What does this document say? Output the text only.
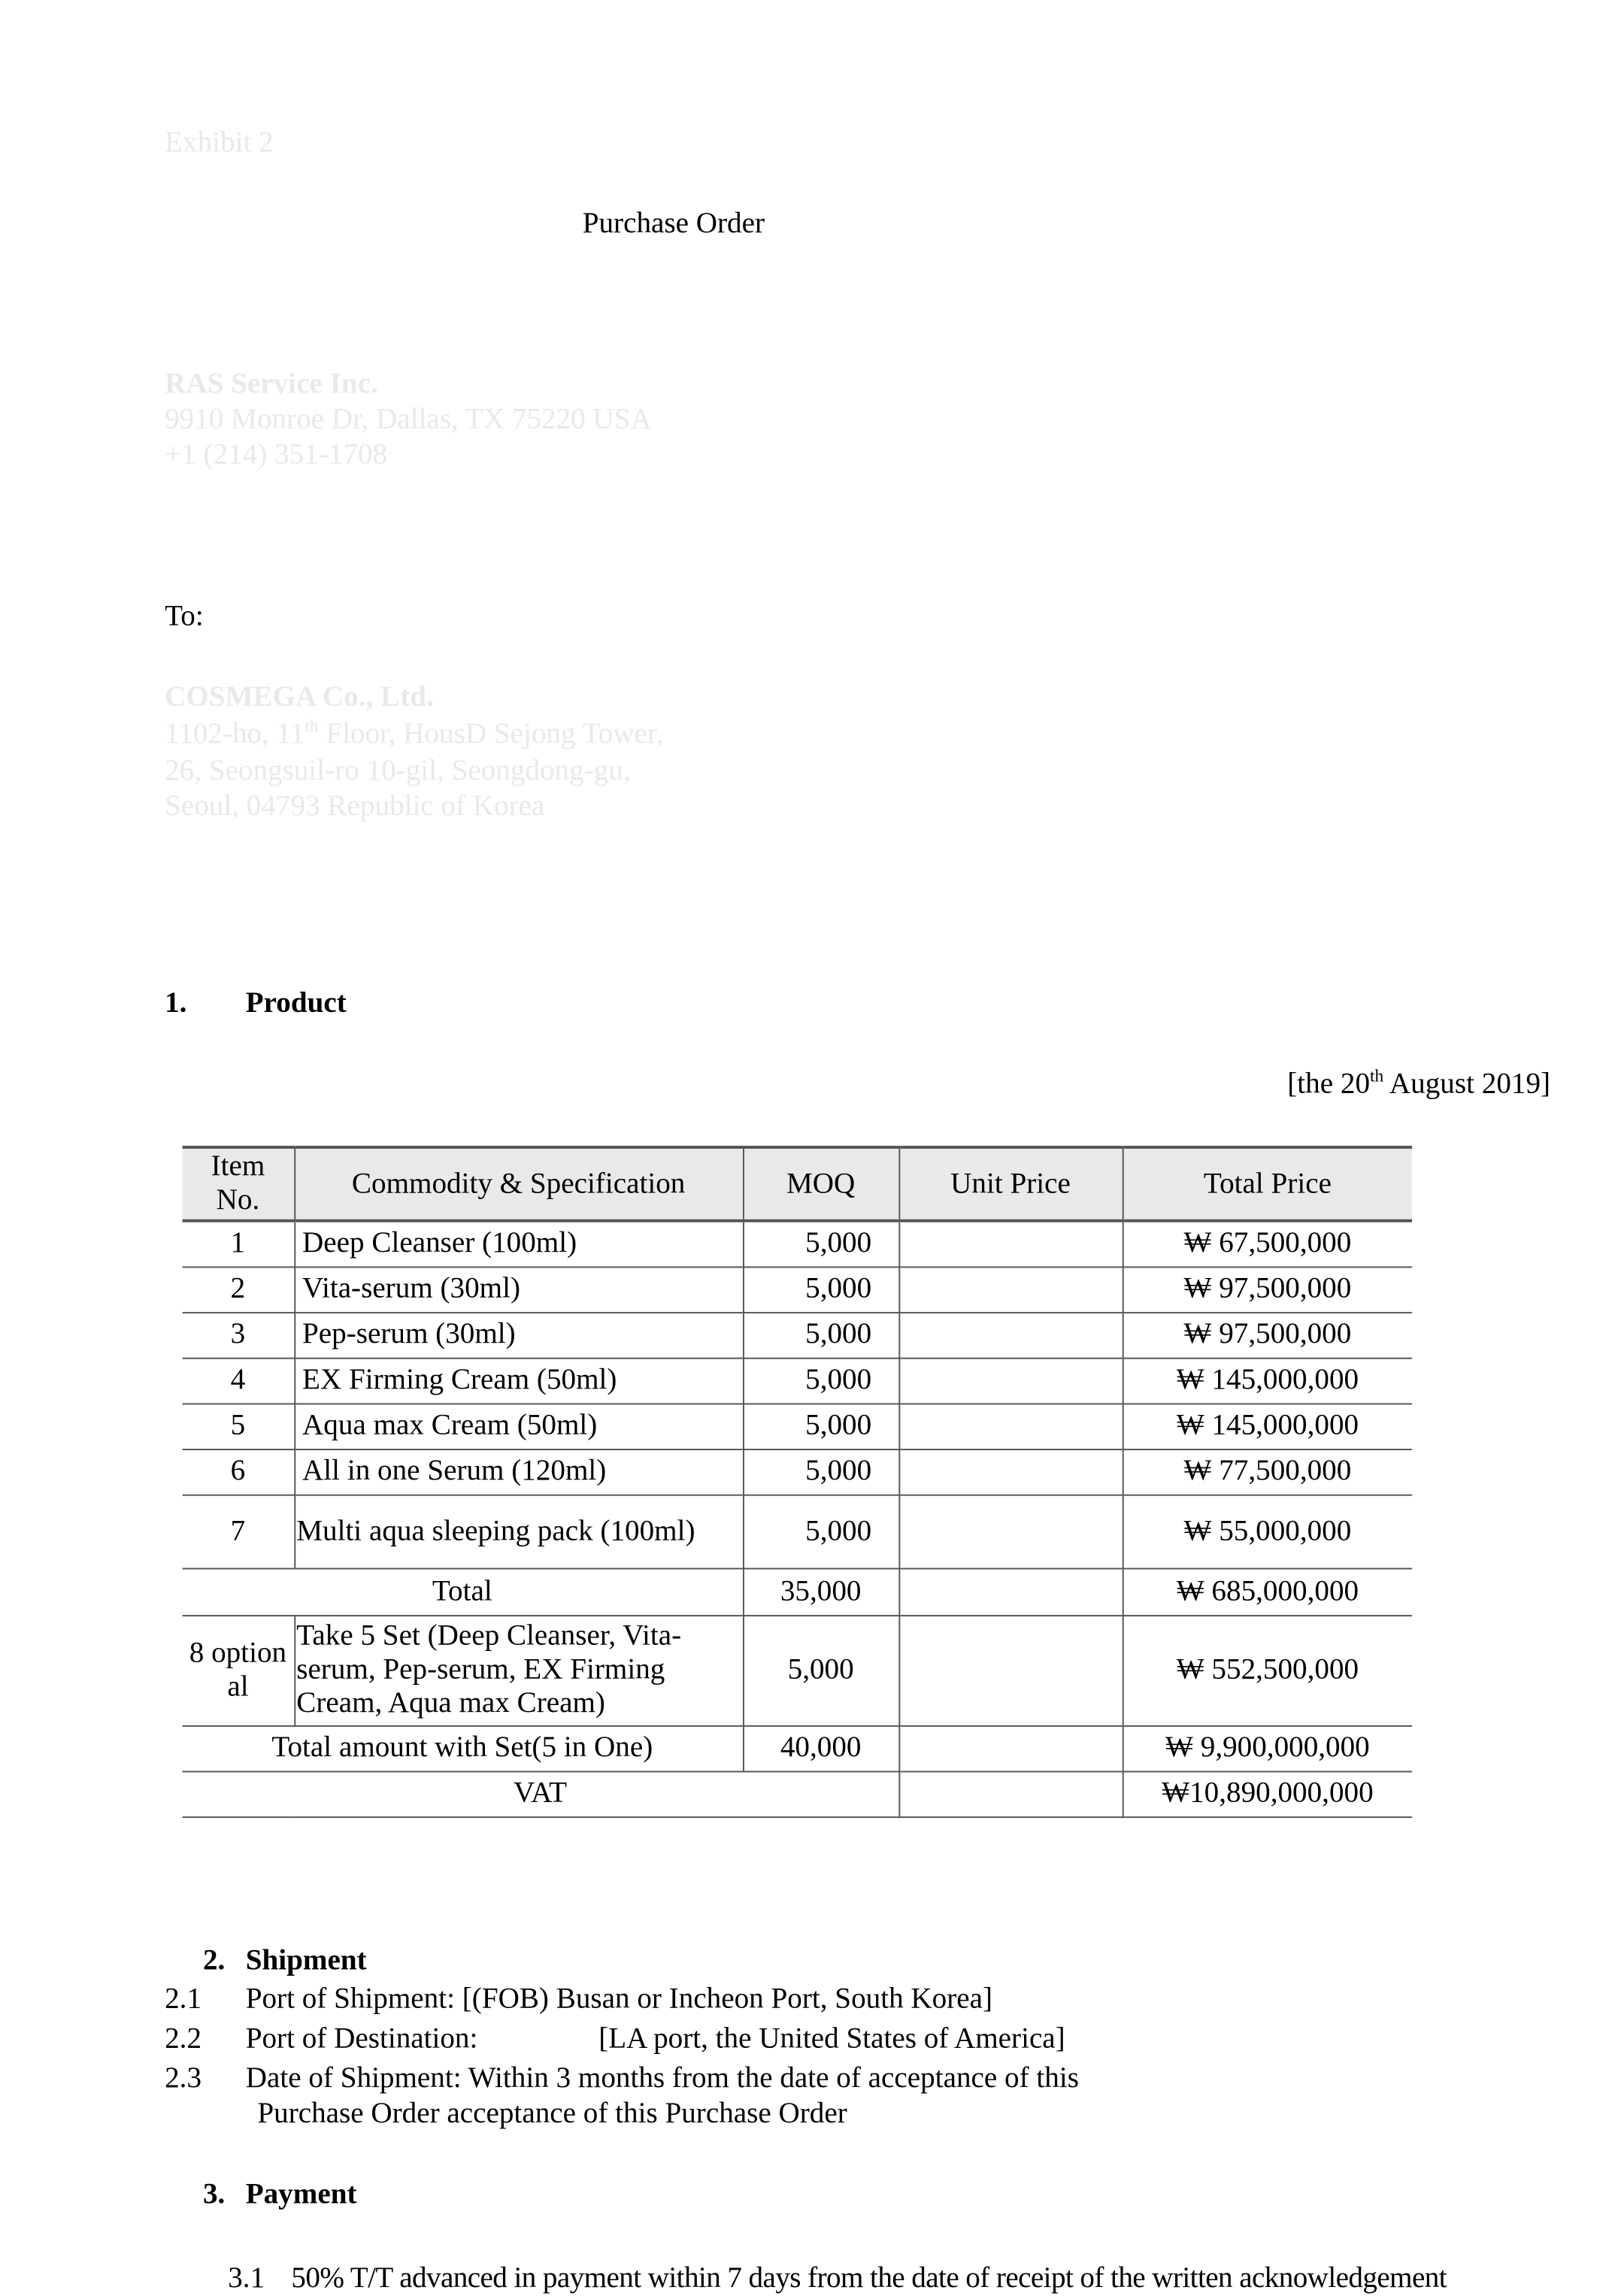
Exhibit 2
Purchase Order
RAS Service Inc.
9910 Monroe Dr, Dallas, TX 75220 USA
+1 (214) 351-1708
To:
COSMEGA Co., Ltd.
1102-ho, 11th Floor, HousD Sejong Tower,
26, Seongsuil-ro 10-gil, Seongdong-gu,
Seoul, 04793 Republic of Korea
1.	Product
[the 20th August 2019]
Item No.	Commodity & Specification	MOQ	Unit Price	Total Price
1	Deep Cleanser (100ml)	5,000		₩ 67,500,000
2	Vita-serum (30ml)	5,000		₩ 97,500,000
3	Pep-serum (30ml)	5,000		₩ 97,500,000
4	EX Firming Cream (50ml)	5,000		₩ 145,000,000
5	Aqua max Cream (50ml)	5,000		₩ 145,000,000
6	All in one Serum (120ml)	5,000		₩ 77,500,000
7	Multi aqua sleeping pack (100ml)	5,000		₩ 55,000,000
Total		35,000		₩ 685,000,000
8 optional	Take 5 Set (Deep Cleanser, Vita-serum, Pep-serum, EX Firming Cream, Aqua max Cream)	5,000		₩ 552,500,000
Total amount with Set(5 in One)		40,000		₩ 9,900,000,000
VAT				₩10,890,000,000
2. Shipment
2.1	Port of Shipment: [(FOB) Busan or Incheon Port, South Korea]
2.2	Port of Destination:	[LA port, the United States of America]
2.3	Date of Shipment: Within 3 months from the date of acceptance of this
Purchase Order acceptance of this Purchase Order
3. Payment
3.1 50% T/T advanced in payment within 7 days from the date of receipt of the written acknowledgement
